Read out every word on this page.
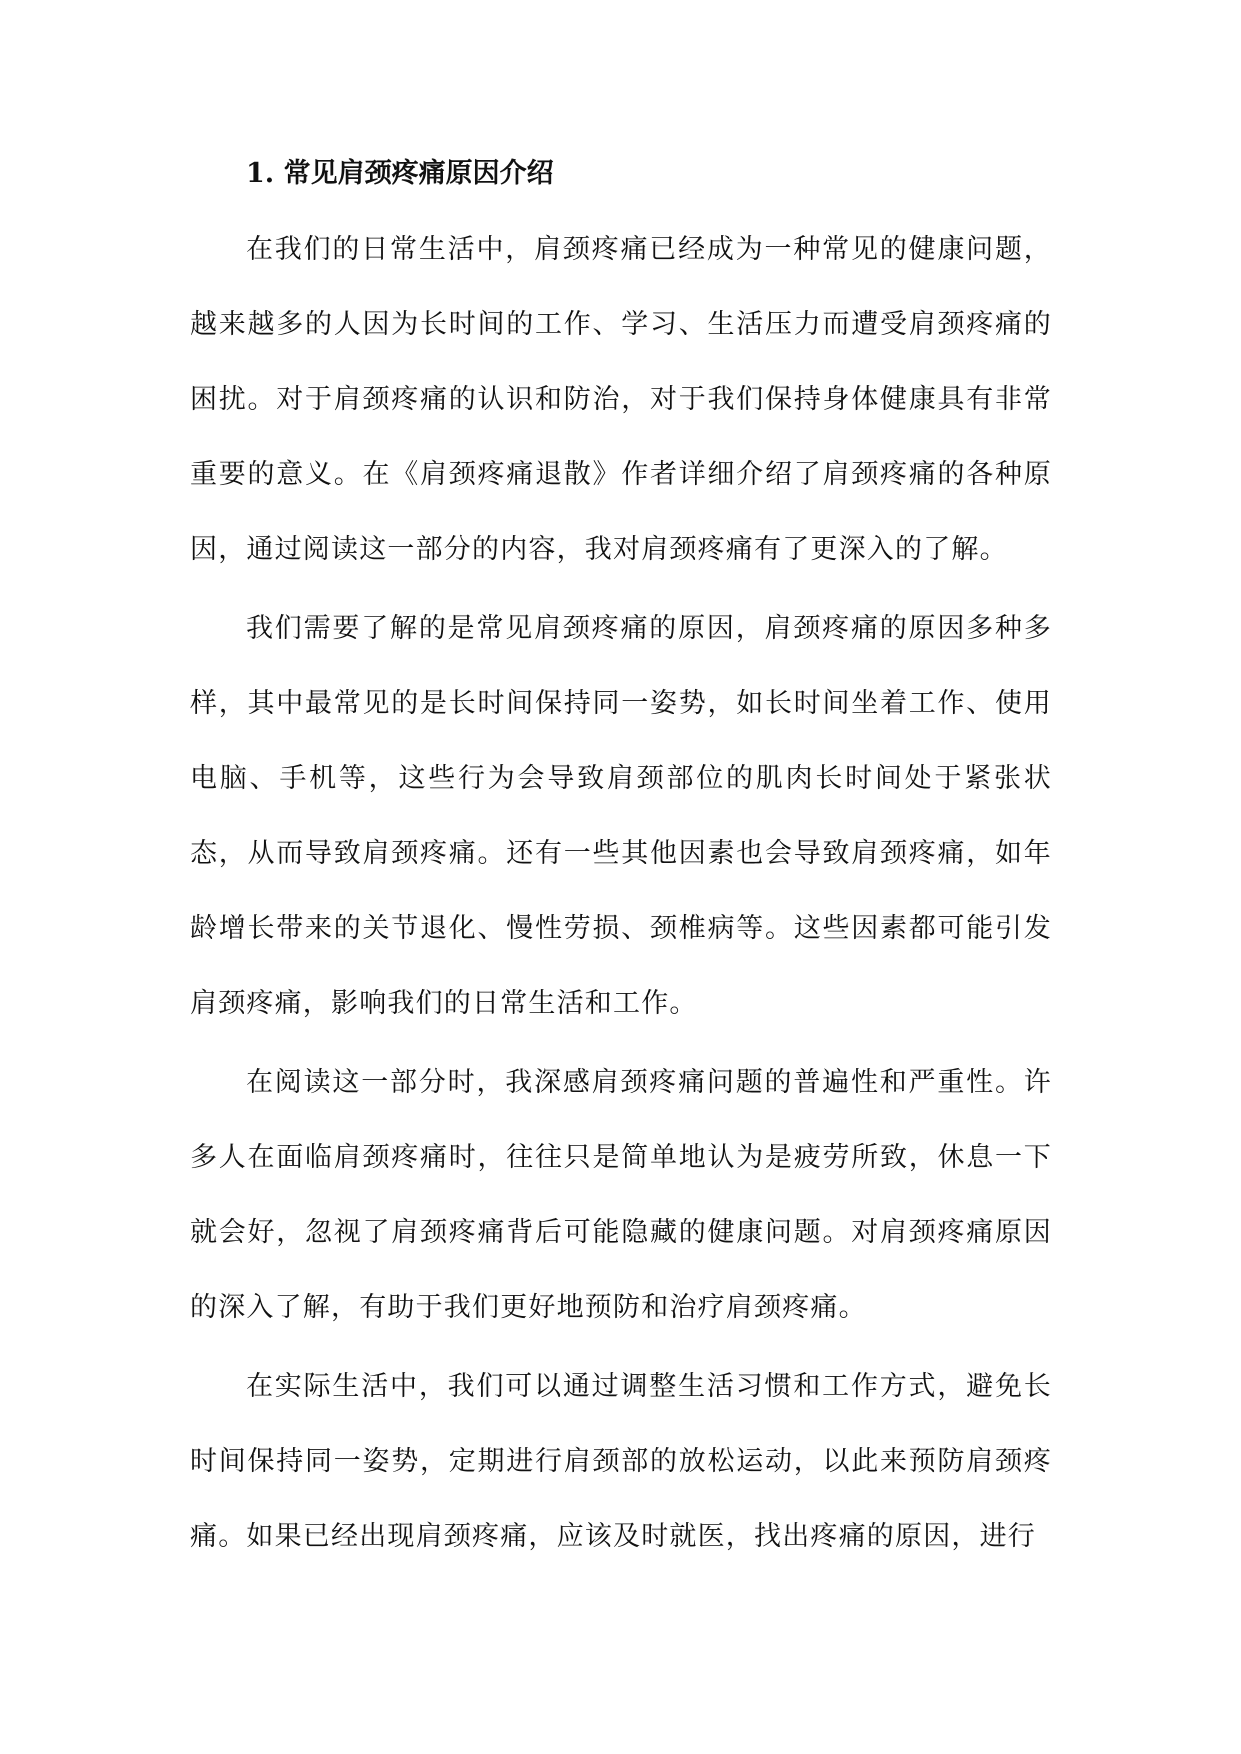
1. 常见肩颈疼痛原因介绍

在我们的日常生活中，肩颈疼痛已经成为一种常见的健康问题，越来越多的人因为长时间的工作、学习、生活压力而遭受肩颈疼痛的困扰。对于肩颈疼痛的认识和防治，对于我们保持身体健康具有非常重要的意义。在《肩颈疼痛退散》作者详细介绍了肩颈疼痛的各种原因，通过阅读这一部分的内容，我对肩颈疼痛有了更深入的了解。

我们需要了解的是常见肩颈疼痛的原因，肩颈疼痛的原因多种多样，其中最常见的是长时间保持同一姿势，如长时间坐着工作、使用电脑、手机等，这些行为会导致肩颈部位的肌肉长时间处于紧张状态，从而导致肩颈疼痛。还有一些其他因素也会导致肩颈疼痛，如年龄增长带来的关节退化、慢性劳损、颈椎病等。这些因素都可能引发肩颈疼痛，影响我们的日常生活和工作。

在阅读这一部分时，我深感肩颈疼痛问题的普遍性和严重性。许多人在面临肩颈疼痛时，往往只是简单地认为是疲劳所致，休息一下就会好，忽视了肩颈疼痛背后可能隐藏的健康问题。对肩颈疼痛原因的深入了解，有助于我们更好地预防和治疗肩颈疼痛。

在实际生活中，我们可以通过调整生活习惯和工作方式，避免长时间保持同一姿势，定期进行肩颈部的放松运动，以此来预防肩颈疼痛。如果已经出现肩颈疼痛，应该及时就医，找出疼痛的原因，进行
